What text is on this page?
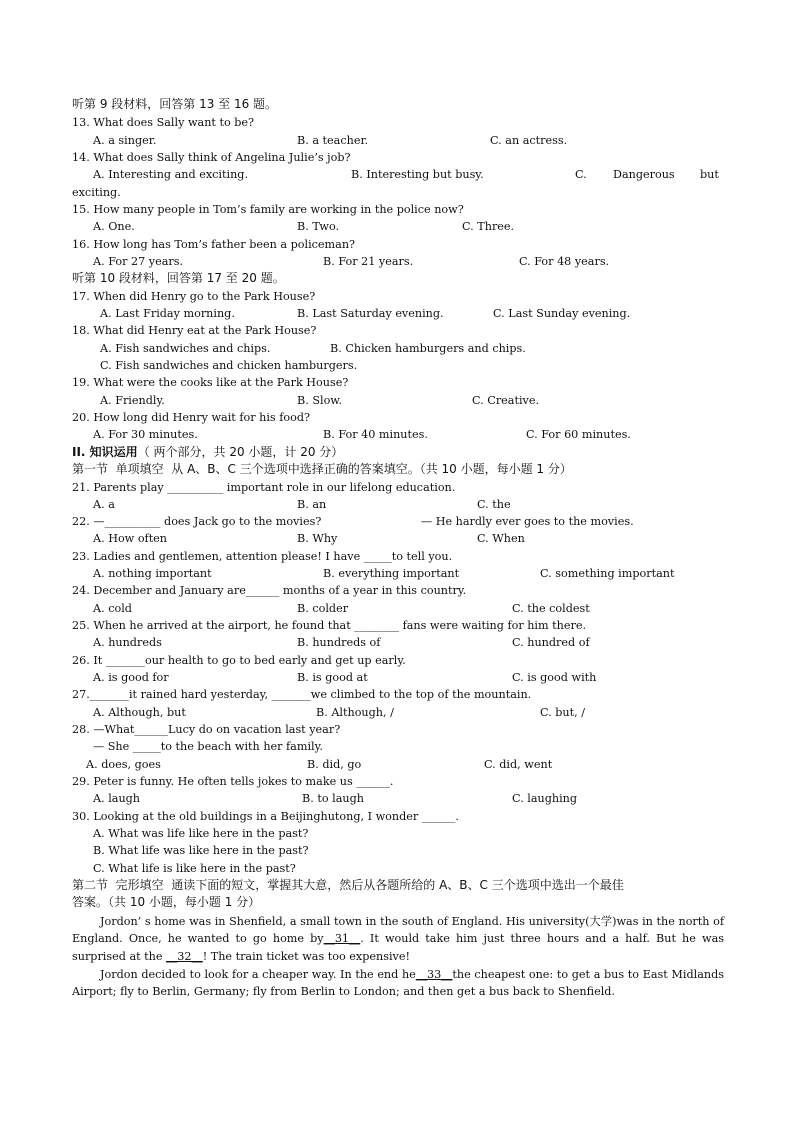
听第 9 段材料，回答第 13 至 16 题。
13. What does Sally want to be?
A. a singer.	B. a teacher.	C. an actress.
14. What does Sally think of Angelina Julie’s job?
A. Interesting and exciting.	B. Interesting but busy.	C. Dangerous but
exciting.
15. How many people in Tom’s family are working in the police now?
A. One.	B. Two.	C. Three.
16. How long has Tom’s father been a policeman?
A. For 27 years.	B. For 21 years.	C. For 48 years.
听第 10 段材料，回答第 17 至 20 题。
17. When did Henry go to the Park House?
A. Last Friday morning.	B. Last Saturday evening.	C. Last Sunday evening.
18. What did Henry eat at the Park House?
A. Fish sandwiches and chips.	B. Chicken hamburgers and chips.
C. Fish sandwiches and chicken hamburgers.
19. What were the cooks like at the Park House?
A. Friendly.	B. Slow.	C. Creative.
20. How long did Henry wait for his food?
A. For 30 minutes.	B. For 40 minutes.	C. For 60 minutes.
II. 知识运用（ 两个部分，共 20 小题，计 20 分）
第一节  单项填空  从 A、B、C 三个选项中选择正确的答案填空。（共 10 小题，每小题 1 分）
21. Parents play __________ important role in our lifelong education.
A. a	B. an	C. the
22. —__________ does Jack go to the movies?	— He hardly ever goes to the movies.
A. How often	B. Why	C. When
23. Ladies and gentlemen, attention please! I have _____to tell you.
A. nothing important	B. everything important	C. something important
24. December and January are______ months of a year in this country.
A. cold	B. colder	C. the coldest
25. When he arrived at the airport, he found that ________ fans were waiting for him there.
A. hundreds	B. hundreds of	C. hundred of
26. It _______our health to go to bed early and get up early.
A. is good for	B. is good at	C. is good with
27._______it rained hard yesterday, _______we climbed to the top of the mountain.
A. Although, but	B. Although, /	C. but, /
28. —What______Lucy do on vacation last year?
— She _____to the beach with her family.
A. does, goes	B. did, go	C. did, went
29. Peter is funny. He often tells jokes to make us ______.
A. laugh	B. to laugh	C. laughing
30. Looking at the old buildings in a Beijinghutong, I wonder ______.
A. What was life like here in the past?
B. What life was like here in the past?
C. What life is like here in the past?
第二节  完形填空  通读下面的短文，掌握其大意，然后从各题所给的 A、B、C 三个选项中选出一个最佳
答案。（共 10 小题，每小题 1 分）
Jordon’ s home was in Shenfield, a small town in the south of England. His university(大学)was in the north of England. Once, he wanted to go home by__31__. It would take him just three hours and a half. But he was surprised at the __32__! The train ticket was too expensive!
Jordon decided to look for a cheaper way. In the end he__33__the cheapest one: to get a bus to East Midlands Airport; fly to Berlin, Germany; fly from Berlin to London; and then get a bus back to Shenfield.
